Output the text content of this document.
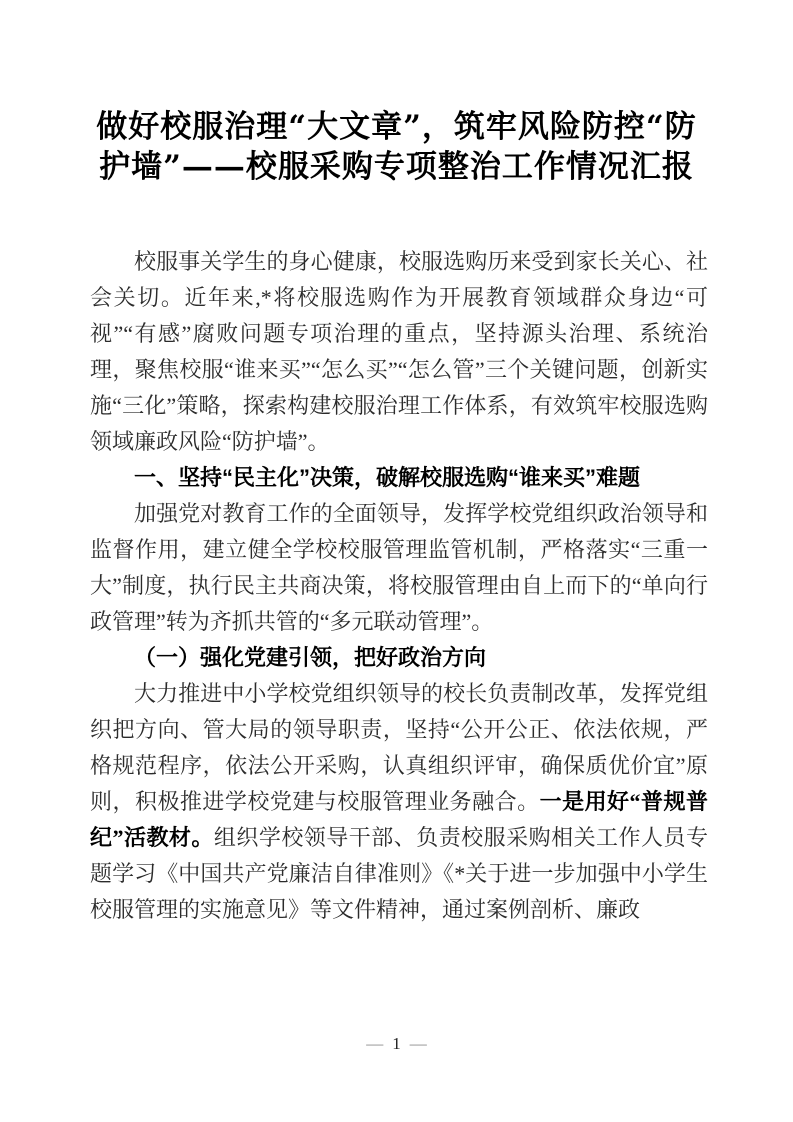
做好校服治理“大文章”，筑牢风险防控“防护墙”——校服采购专项整治工作情况汇报

校服事关学生的身心健康，校服选购历来受到家长关心、社会关切。近年来,*将校服选购作为开展教育领域群众身边“可视”“有感”腐败问题专项治理的重点，坚持源头治理、系统治理，聚焦校服“谁来买”“怎么买”“怎么管”三个关键问题，创新实施“三化”策略，探索构建校服治理工作体系，有效筑牢校服选购领域廉政风险“防护墙”。

一、坚持“民主化”决策，破解校服选购“谁来买”难题

加强党对教育工作的全面领导，发挥学校党组织政治领导和监督作用，建立健全学校校服管理监管机制，严格落实“三重一大”制度，执行民主共商决策，将校服管理由自上而下的“单向行政管理”转为齐抓共管的“多元联动管理”。

（一）强化党建引领，把好政治方向

大力推进中小学校党组织领导的校长负责制改革，发挥党组织把方向、管大局的领导职责，坚持“公开公正、依法依规，严格规范程序，依法公开采购，认真组织评审，确保质优价宜”原则，积极推进学校党建与校服管理业务融合。一是用好“普规普纪”活教材。组织学校领导干部、负责校服采购相关工作人员专题学习《中国共产党廉洁自律准则》《*关于进一步加强中小学生校服管理的实施意见》等文件精神，通过案例剖析、廉政

— 1 —
